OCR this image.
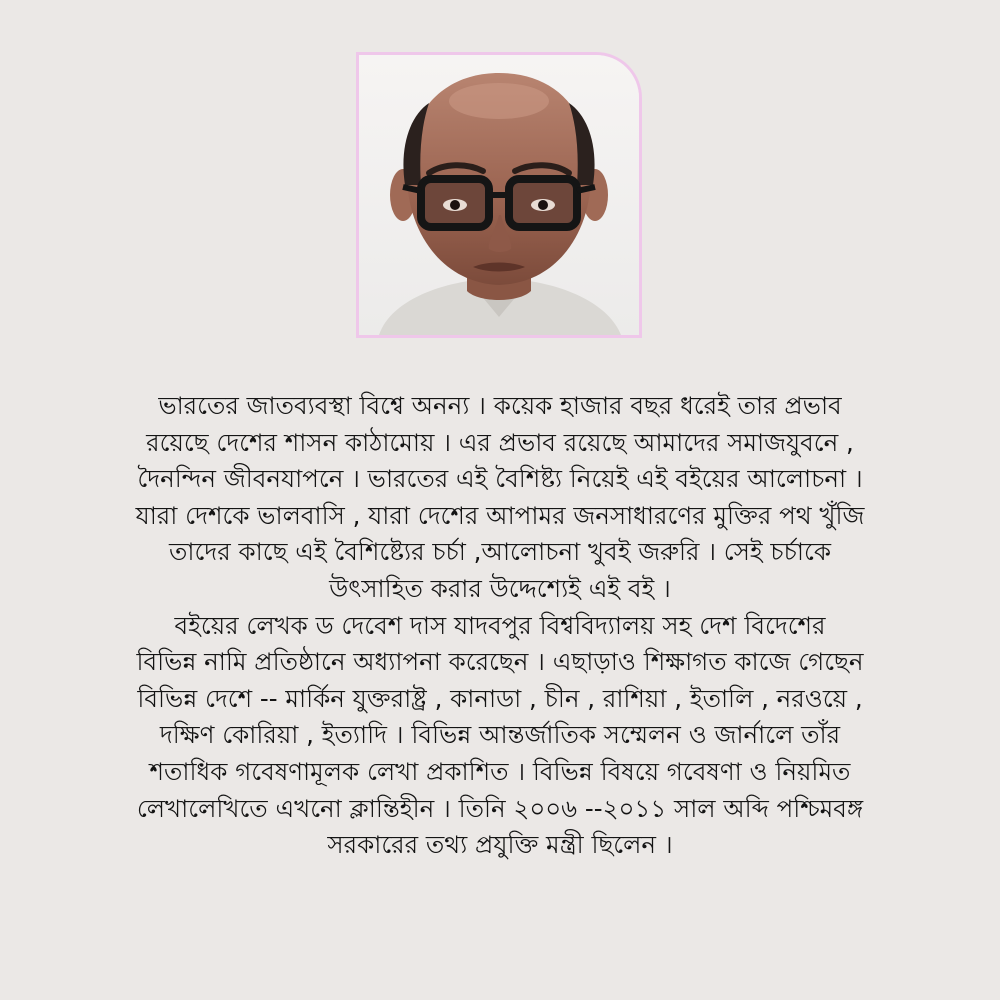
ভারতের জাতব্যবস্থা বিশ্বে অনন্য । কয়েক হাজার বছর ধরেই তার প্রভাব
রয়েছে দেশের শাসন কাঠামোয় । এর প্রভাব রয়েছে আমাদের সমাজযুবনে ,
দৈনন্দিন জীবনযাপনে । ভারতের এই বৈশিষ্ট্য নিয়েই এই বইয়ের আলোচনা ।
যারা দেশকে ভালবাসি , যারা দেশের আপামর জনসাধারণের মুক্তির পথ খুঁজি
তাদের কাছে এই বৈশিষ্ট্যের চর্চা ,আলোচনা খুবই জরুরি । সেই চর্চাকে
উৎসাহিত করার উদ্দেশ্যেই এই বই ।
বইয়ের লেখক ড দেবেশ দাস যাদবপুর বিশ্ববিদ্যালয় সহ দেশ বিদেশের
বিভিন্ন নামি প্রতিষ্ঠানে অধ্যাপনা করেছেন । এছাড়াও শিক্ষাগত কাজে গেছেন
বিভিন্ন দেশে -- মার্কিন যুক্তরাষ্ট্র , কানাডা , চীন , রাশিয়া , ইতালি , নরওয়ে ,
দক্ষিণ কোরিয়া , ইত্যাদি । বিভিন্ন আন্তর্জাতিক সম্মেলন ও জার্নালে তাঁর
শতাধিক গবেষণামূলক লেখা প্রকাশিত । বিভিন্ন বিষয়ে গবেষণা ও নিয়মিত
লেখালেখিতে এখনো ক্লান্তিহীন । তিনি ২০০৬ --২০১১ সাল অব্দি পশ্চিমবঙ্গ
সরকারের তথ্য প্রযুক্তি মন্ত্রী ছিলেন ।
